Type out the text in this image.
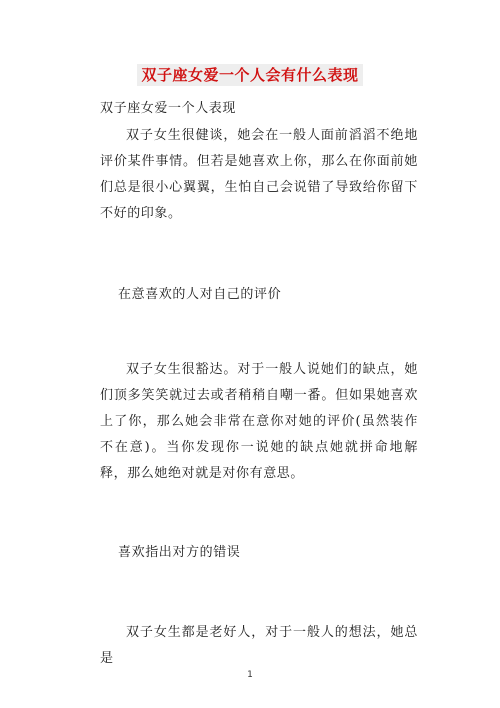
双子座女爱一个人会有什么表现
双子座女爱一个人表现
双子女生很健谈，她会在一般人面前滔滔不绝地评价某件事情。但若是她喜欢上你，那么在你面前她们总是很小心翼翼，生怕自己会说错了导致给你留下不好的印象。
在意喜欢的人对自己的评价
双子女生很豁达。对于一般人说她们的缺点，她们顶多笑笑就过去或者稍稍自嘲一番。但如果她喜欢上了你，那么她会非常在意你对她的评价(虽然装作不在意)。当你发现你一说她的缺点她就拼命地解释，那么她绝对就是对你有意思。
喜欢指出对方的错误
双子女生都是老好人，对于一般人的想法，她总是
1
